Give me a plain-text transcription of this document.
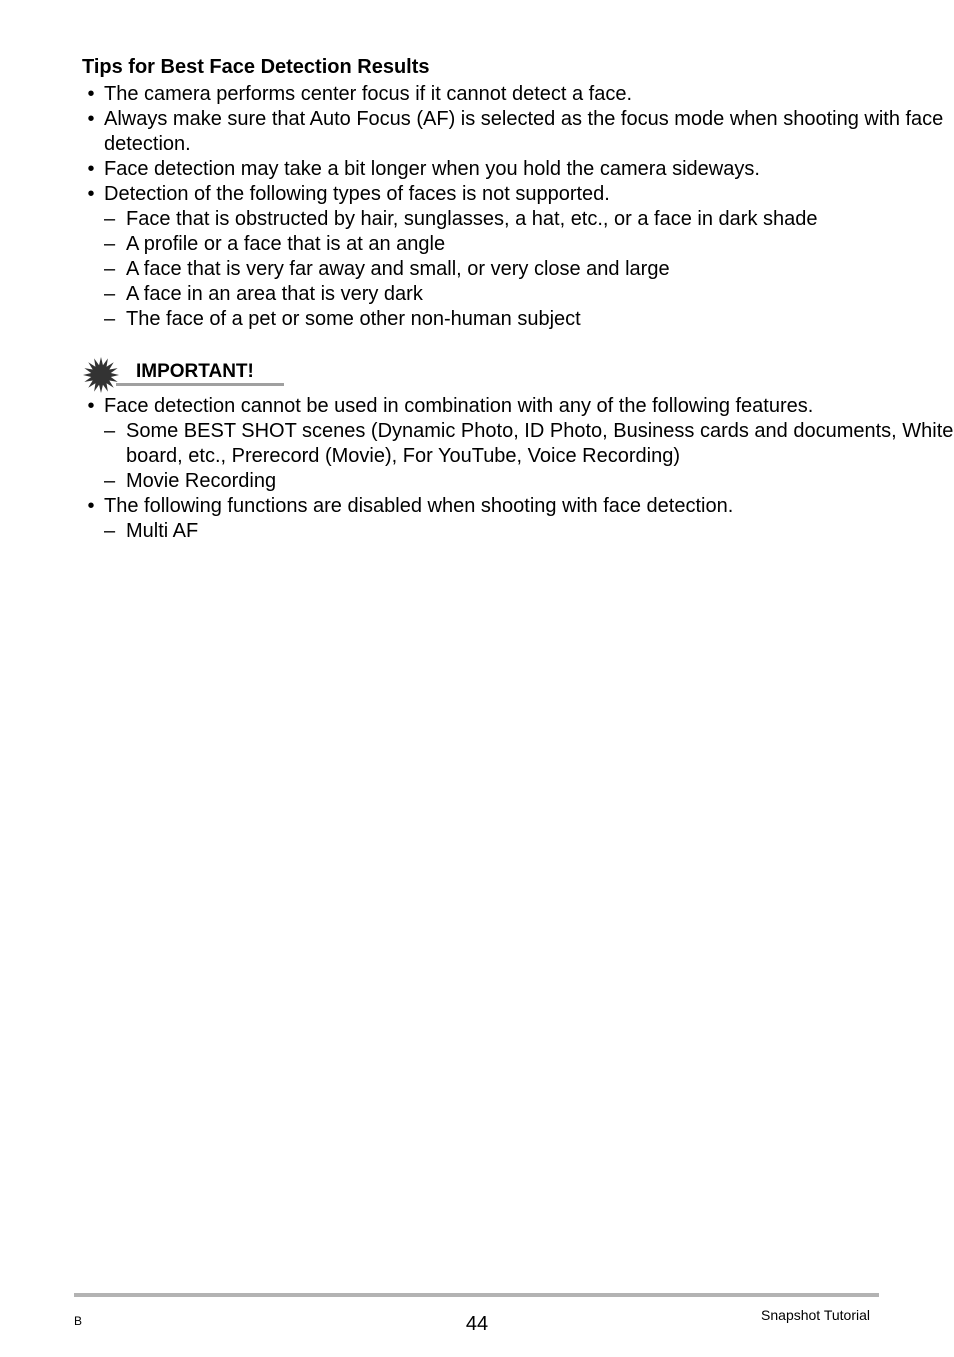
Tips for Best Face Detection Results
• The camera performs center focus if it cannot detect a face.
• Always make sure that Auto Focus (AF) is selected as the focus mode when shooting with face detection.
• Face detection may take a bit longer when you hold the camera sideways.
• Detection of the following types of faces is not supported.
– Face that is obstructed by hair, sunglasses, a hat, etc., or a face in dark shade
– A profile or a face that is at an angle
– A face that is very far away and small, or very close and large
– A face in an area that is very dark
– The face of a pet or some other non-human subject
IMPORTANT!
• Face detection cannot be used in combination with any of the following features.
– Some BEST SHOT scenes (Dynamic Photo, ID Photo, Business cards and documents, White board, etc., Prerecord (Movie), For YouTube, Voice Recording)
– Movie Recording
• The following functions are disabled when shooting with face detection.
– Multi AF
B	44	Snapshot Tutorial
